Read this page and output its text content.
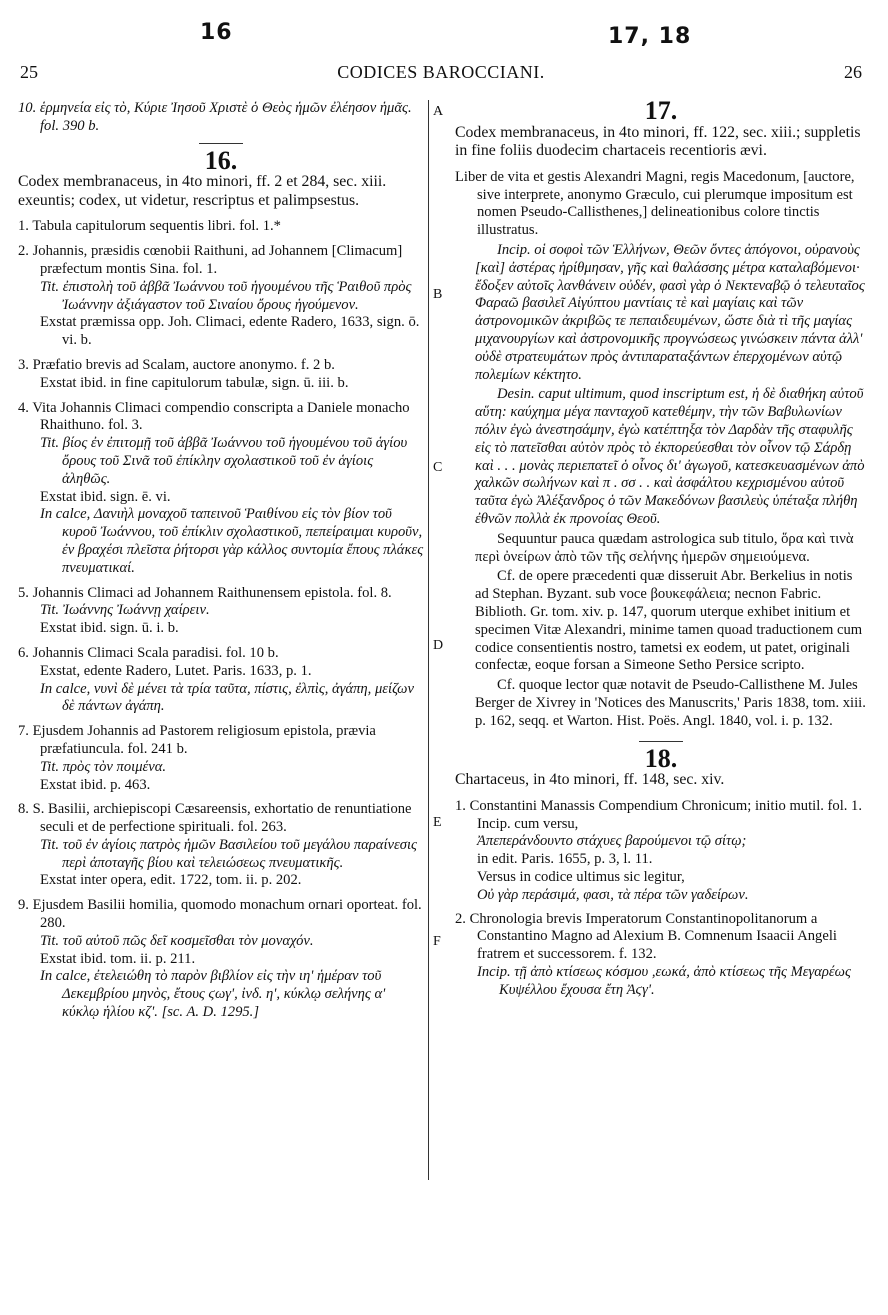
16	17, 18
25	CODICES BAROCCIANI.	26
A
B
C
D
E
F

10. ἑρμηνεία εἰς τὸ, Κύριε Ἰησοῦ Χριστὲ ὁ Θεὸς ἡμῶν ἐλέησον ἡμᾶς. fol. 390 b.

16.

Codex membranaceus, in 4to minori, ff. 2 et 284, sec. xiii. exeuntis; codex, ut videtur, rescriptus et palimpsestus.

1. Tabula capitulorum sequentis libri. fol. 1.*

2. Johannis, præsidis cœnobii Raithuni, ad Johannem [Climacum] præfectum montis Sina. fol. 1.

Tit. ἐπιστολὴ τοῦ ἀββᾶ Ἰωάννου τοῦ ἡγουμένου τῆς Ῥαιθοῦ πρὸς Ἰωάννην ἀξιάγαστον τοῦ Σιναίου ὄρους ἡγούμενον.

Exstat præmissa opp. Joh. Climaci, edente Radero, 1633, sign. ō. vi. b.

3. Præfatio brevis ad Scalam, auctore anonymo. f. 2 b.

Exstat ibid. in fine capitulorum tabulæ, sign. ū. iii. b.

4. Vita Johannis Climaci compendio conscripta a Daniele monacho Rhaithuno. fol. 3.

Tit. βίος ἐν ἐπιτομῇ τοῦ ἀββᾶ Ἰωάννου τοῦ ἡγουμένου τοῦ ἁγίου ὄρους τοῦ Σινᾶ τοῦ ἐπίκλην σχολαστικοῦ τοῦ ἐν ἁγίοις ἀληθῶς.

Exstat ibid. sign. ē. vi.

In calce, Δανιὴλ μοναχοῦ ταπεινοῦ Ῥαιθίνου εἰς τὸν βίον τοῦ κυροῦ Ἰωάννου, τοῦ ἐπίκλιν σχολαστικοῦ, πεπείραιμαι κυροῦν, ἐν βραχέσι πλεῖστα ῥήτορσι γὰρ κάλλος συντομία ἔπους πλάκες πνευματικαί.

5. Johannis Climaci ad Johannem Raithunensem epistola. fol. 8.

Tit. Ἰωάννης Ἰωάννῃ χαίρειν.

Exstat ibid. sign. ū. i. b.

6. Johannis Climaci Scala paradisi. fol. 10 b.

Exstat, edente Radero, Lutet. Paris. 1633, p. 1.

In calce, νυνὶ δὲ μένει τὰ τρία ταῦτα, πίστις, ἐλπὶς, ἀγάπη, μείζων δὲ πάντων ἀγάπη.

7. Ejusdem Johannis ad Pastorem religiosum epistola, prævia præfatiuncula. fol. 241 b.

Tit. πρὸς τὸν ποιμένα.

Exstat ibid. p. 463.

8. S. Basilii, archiepiscopi Cæsareensis, exhortatio de renuntiatione seculi et de perfectione spirituali. fol. 263.

Tit. τοῦ ἐν ἁγίοις πατρὸς ἡμῶν Βασιλείου τοῦ μεγάλου παραίνεσις περὶ ἀποταγῆς βίου καὶ τελειώσεως πνευματικῆς.

Exstat inter opera, edit. 1722, tom. ii. p. 202.

9. Ejusdem Basilii homilia, quomodo monachum ornari oporteat. fol. 280.

Tit. τοῦ αὐτοῦ πῶς δεῖ κοσμεῖσθαι τὸν μοναχόν.

Exstat ibid. tom. ii. p. 211.

In calce, ἐτελειώθη τὸ παρὸν βιβλίον εἰς τὴν ιη' ἡμέραν τοῦ Δεκεμβρίου μηνὸς, ἔτους ϛωγ', ἰνδ. η', κύκλῳ σελήνης α' κύκλῳ ἡλίου κζ'. [sc. A. D. 1295.]

17.

Codex membranaceus, in 4to minori, ff. 122, sec. xiii.; suppletis in fine foliis duodecim chartaceis recentioris ævi.

Liber de vita et gestis Alexandri Magni, regis Macedonum, [auctore, sive interprete, anonymo Græculo, cui plerumque impositum est nomen Pseudo-Callisthenes,] delineationibus colore tinctis illustratus.

Incip. οἱ σοφοὶ τῶν Ἑλλήνων, Θεῶν ὄντες ἀπόγονοι, οὐρανοὺς [καὶ] ἀστέρας ἠρίθμησαν, γῆς καὶ θαλάσσης μέτρα καταλαβόμενοι· ἔδοξεν αὐτοῖς λανθάνειν οὐδέν, φασὶ γὰρ ὁ Νεκτεναβῷ ὁ τελευταῖος Φαραῶ βασιλεῖ Αἰγύπτου μαντίαις τὲ καὶ μαγίαις καὶ τῶν ἀστρονομικῶν ἀκριβῶς τε πεπαιδευμένων, ὥστε διὰ τὶ τῆς μαγίας μιχανουργίων καὶ ἀστρονομικῆς προγνώσεως γινώσκειν πάντα ἀλλ' οὐδὲ στρατευμάτων πρὸς ἀντιπαραταξάντων ἐπερχομένων αὐτῷ πολεμίων κέκτητο.

Desin. caput ultimum, quod inscriptum est, ἡ δὲ διαθήκη αὐτοῦ αὕτη: καύχημα μέγα πανταχοῦ κατεθέμην, τὴν τῶν Βαβυλωνίων πόλιν ἐγὼ ἀνεστησάμην, ἐγὼ κατέπτηξα τὸν Δαρδὰν τῆς σταφυλῆς εἰς τὸ πατεῖσθαι αὐτὸν πρὸς τὸ ἐκπορεύεσθαι τὸν οἶνον τῷ Σάρδῃ καὶ . . . μονὰς περιεπατεῖ ὁ οἶνος δι' ἀγωγοῦ, κατεσκευασμένων ἀπὸ χαλκῶν σωλήνων καὶ π . σσ . . καὶ ἀσφάλτου κεχρισμένου αὐτοῦ ταῦτα ἐγὼ Ἀλέξανδρος ὁ τῶν Μακεδόνων βασιλεὺς ὑπέταξα πλήθη ἐθνῶν πολλὰ ἐκ προνοίας Θεοῦ.

Sequuntur pauca quædam astrologica sub titulo, ὅρα καὶ τινὰ περὶ ὀνείρων ἀπὸ τῶν τῆς σελήνης ἡμερῶν σημειούμενα.

Cf. de opere præcedenti quæ disseruit Abr. Berkelius in notis ad Stephan. Byzant. sub voce βουκεφάλεια; necnon Fabric. Biblioth. Gr. tom. xiv. p. 147, quorum uterque exhibet initium et specimen Vitæ Alexandri, minime tamen quoad traductionem cum codice consentientis nostro, tametsi ex eodem, ut patet, originali confectæ, eoque forsan a Simeone Setho Persice scripto.

Cf. quoque lector quæ notavit de Pseudo-Callisthene M. Jules Berger de Xivrey in 'Notices des Manuscrits,' Paris 1838, tom. xiii. p. 162, seqq. et Warton. Hist. Poës. Angl. 1840, vol. i. p. 132.

18.

Chartaceus, in 4to minori, ff. 148, sec. xiv.

1. Constantini Manassis Compendium Chronicum; initio mutil. fol. 1.

Incip. cum versu,

Ἀπεπεράνδουντο στάχυες βαρούμενοι τῷ σίτῳ;

in edit. Paris. 1655, p. 3, l. 11.

Versus in codice ultimus sic legitur,

Οὐ γὰρ περάσιμά, φασι, τὰ πέρα τῶν γαδείρων.

2. Chronologia brevis Imperatorum Constantinopolitanorum a Constantino Magno ad Alexium B. Comnenum Isaacii Angeli fratrem et successorem. f. 132.

Incip. τῇ ἀπὸ κτίσεως κόσμου ,εωκά, ἀπὸ κτίσεως τῆς Μεγαρέως Κυψέλλου ἔχουσα ἔτη Ἀϛγ'.
